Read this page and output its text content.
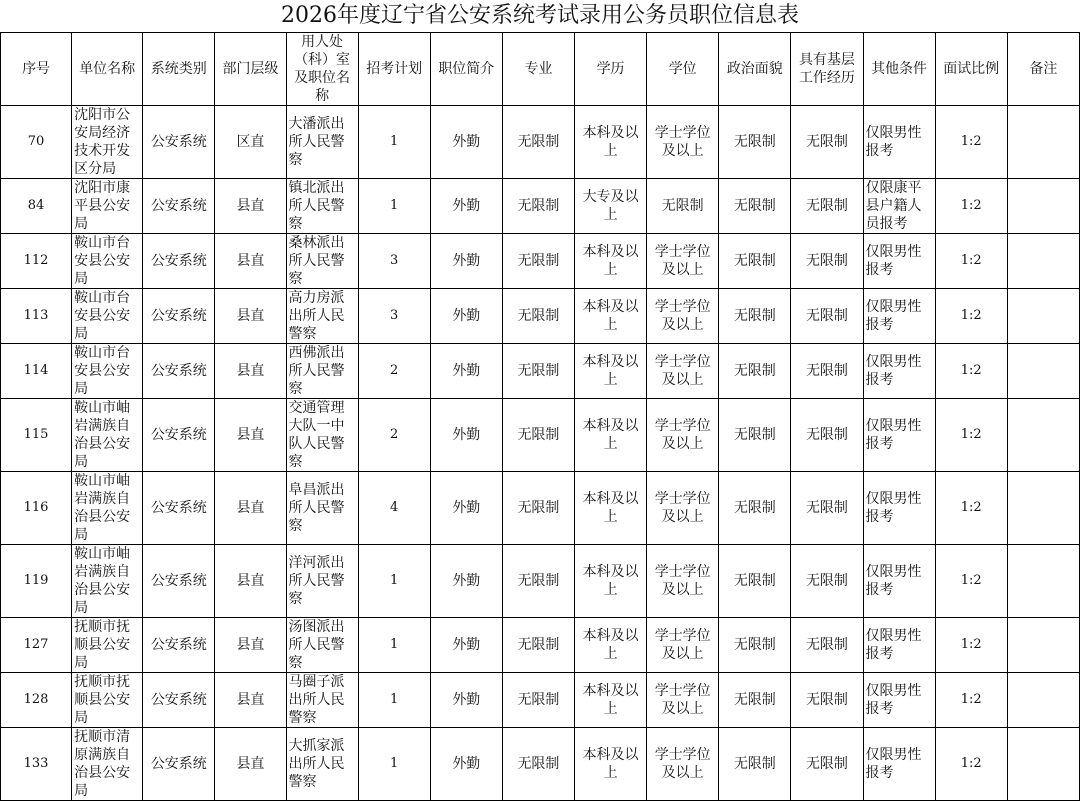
2026年度辽宁省公安系统考试录用公务员职位信息表
序号	单位名称	系统类别	部门层级	用人处（科）室及职位名称	招考计划	职位简介	专业	学历	学位	政治面貌	具有基层工作经历	其他条件	面试比例	备注
70	沈阳市公安局经济技术开发区分局	公安系统	区直	大潘派出所人民警察	1	外勤	无限制	本科及以上	学士学位及以上	无限制	无限制	仅限男性报考	1:2	
84	沈阳市康平县公安局	公安系统	县直	镇北派出所人民警察	1	外勤	无限制	大专及以上	无限制	无限制	无限制	仅限康平县户籍人员报考	1:2	
112	鞍山市台安县公安局	公安系统	县直	桑林派出所人民警察	3	外勤	无限制	本科及以上	学士学位及以上	无限制	无限制	仅限男性报考	1:2	
113	鞍山市台安县公安局	公安系统	县直	高力房派出所人民警察	3	外勤	无限制	本科及以上	学士学位及以上	无限制	无限制	仅限男性报考	1:2	
114	鞍山市台安县公安局	公安系统	县直	西佛派出所人民警察	2	外勤	无限制	本科及以上	学士学位及以上	无限制	无限制	仅限男性报考	1:2	
115	鞍山市岫岩满族自治县公安局	公安系统	县直	交通管理大队一中队人民警察	2	外勤	无限制	本科及以上	学士学位及以上	无限制	无限制	仅限男性报考	1:2	
116	鞍山市岫岩满族自治县公安局	公安系统	县直	阜昌派出所人民警察	4	外勤	无限制	本科及以上	学士学位及以上	无限制	无限制	仅限男性报考	1:2	
119	鞍山市岫岩满族自治县公安局	公安系统	县直	洋河派出所人民警察	1	外勤	无限制	本科及以上	学士学位及以上	无限制	无限制	仅限男性报考	1:2	
127	抚顺市抚顺县公安局	公安系统	县直	汤图派出所人民警察	1	外勤	无限制	本科及以上	学士学位及以上	无限制	无限制	仅限男性报考	1:2	
128	抚顺市抚顺县公安局	公安系统	县直	马圈子派出所人民警察	1	外勤	无限制	本科及以上	学士学位及以上	无限制	无限制	仅限男性报考	1:2	
133	抚顺市清原满族自治县公安局	公安系统	县直	大抓家派出所人民警察	1	外勤	无限制	本科及以上	学士学位及以上	无限制	无限制	仅限男性报考	1:2	
